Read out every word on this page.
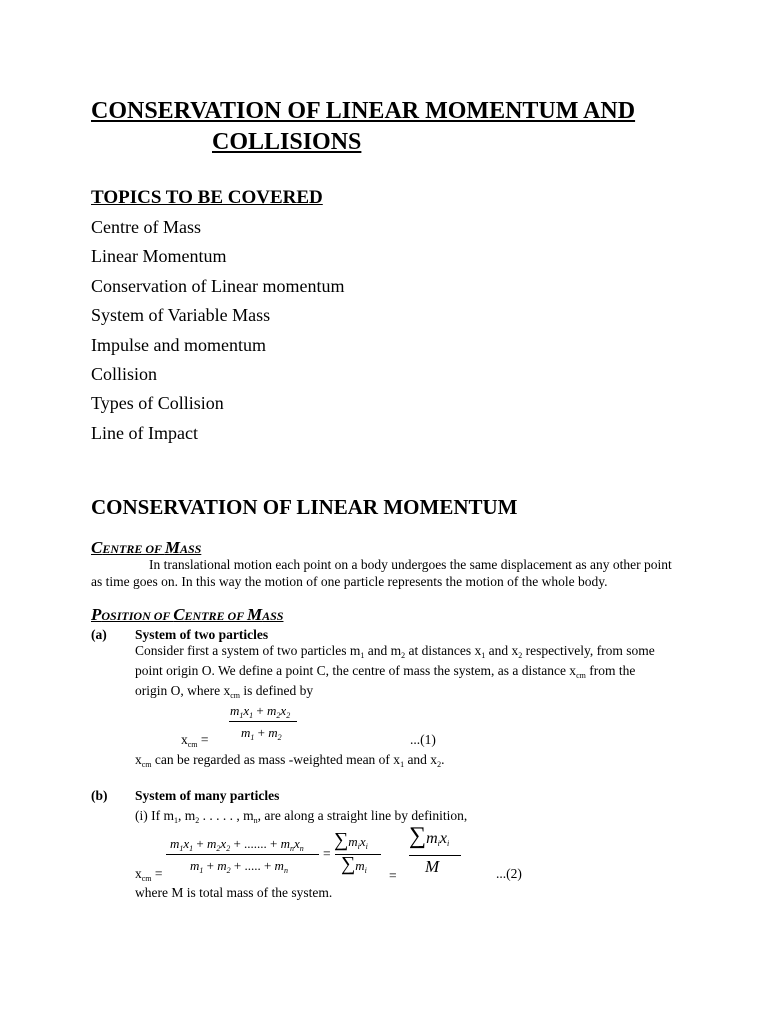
CONSERVATION OF LINEAR MOMENTUM AND
COLLISIONS
TOPICS TO BE COVERED
Centre of Mass
Linear Momentum
Conservation of Linear momentum
System of Variable Mass
Impulse and momentum
Collision
Types of Collision
Line of Impact
CONSERVATION OF LINEAR MOMENTUM
CENTRE OF MASS
In translational motion each point on a body undergoes the same displacement as any other point
as time goes on. In this way the motion of one particle represents the motion of the whole body.
POSITION OF CENTRE OF MASS
(a) System of two particles
Consider first a system of two particles $m_1$ and $m_2$ at distances $x_1$ and $x_2$ respectively, from some
point origin O. We define a point C, the centre of mass the system, as a distance $x_{cm}$ from the
origin O, where $x_{cm}$ is defined by
$m_1x_1 + m_2x_2$
$m_1 + m_2$
$x_{cm}$ =	...(1)
$x_{cm}$ can be regarded as mass -weighted mean of $x_1$ and $x_2$.
(b) System of many particles
(i) If $m_1$, $m_2$ . . . . . , $m_n$, are along a straight line by definition,
$m_1x_1 + m_2x_2$ + ....... + $m_nx_n$
$m_1 + m_2$ + ..... + $m_n$
=
$\sum m_ix_i$
$\sum m_i$ =
$\sum m_ix_i$
M
$x_{cm}$ =	...(2)
where M is total mass of the system.
